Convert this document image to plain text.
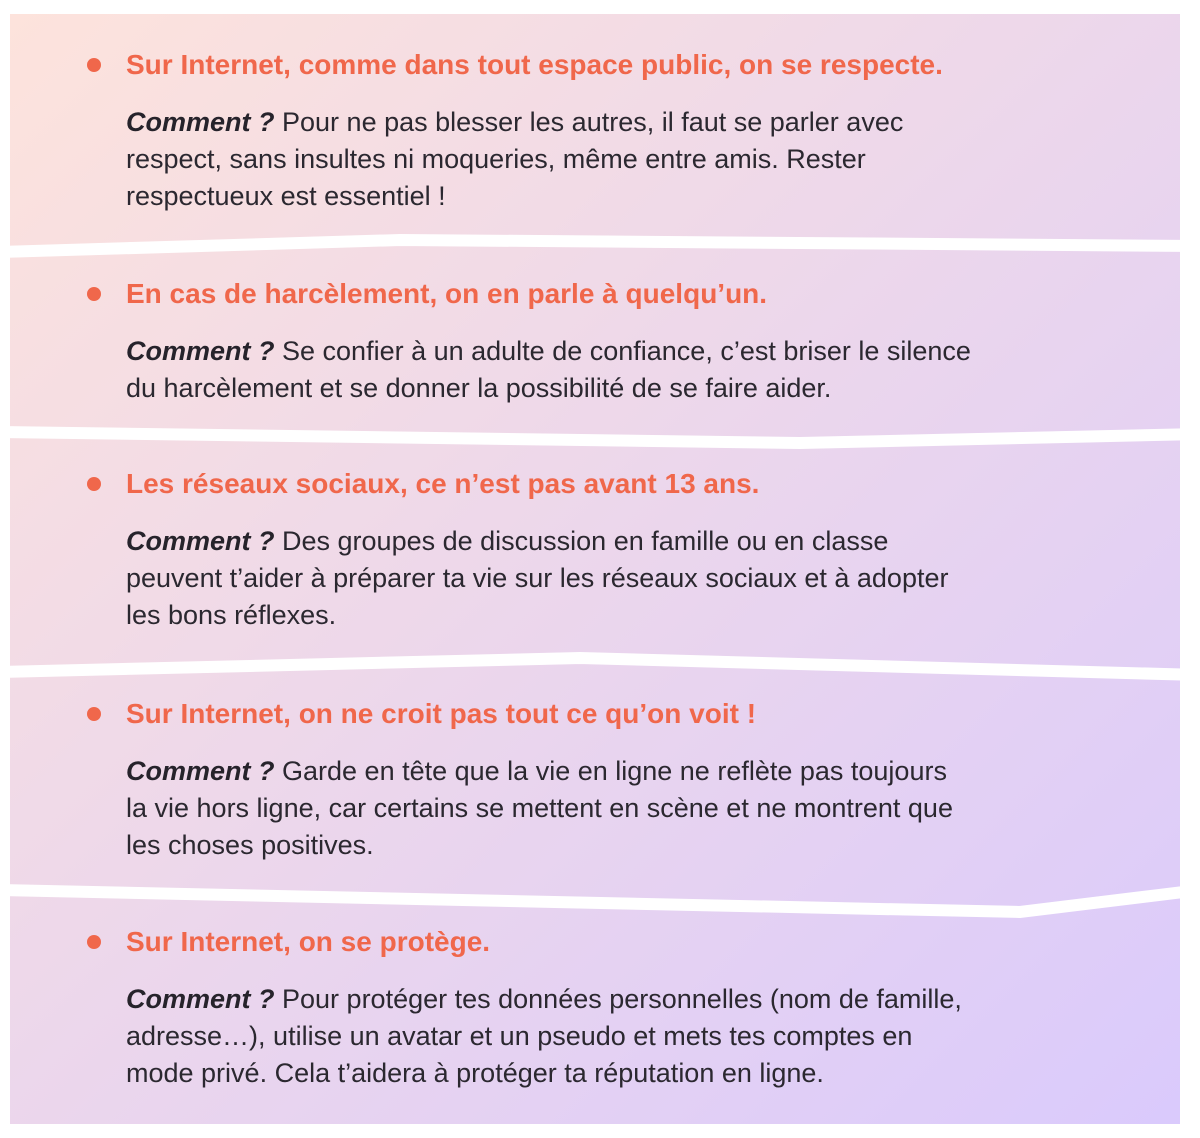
Sur Internet, comme dans tout espace public, on se respecte.

Comment ? Pour ne pas blesser les autres, il faut se parler avec
respect, sans insultes ni moqueries, même entre amis. Rester
respectueux est essentiel !

En cas de harcèlement, on en parle à quelqu’un.

Comment ? Se confier à un adulte de confiance, c’est briser le silence
du harcèlement et se donner la possibilité de se faire aider.

Les réseaux sociaux, ce n’est pas avant 13 ans.

Comment ? Des groupes de discussion en famille ou en classe
peuvent t’aider à préparer ta vie sur les réseaux sociaux et à adopter
les bons réflexes.

Sur Internet, on ne croit pas tout ce qu’on voit !

Comment ? Garde en tête que la vie en ligne ne reflète pas toujours
la vie hors ligne, car certains se mettent en scène et ne montrent que
les choses positives.

Sur Internet, on se protège.

Comment ? Pour protéger tes données personnelles (nom de famille,
adresse…), utilise un avatar et un pseudo et mets tes comptes en
mode privé. Cela t’aidera à protéger ta réputation en ligne.
